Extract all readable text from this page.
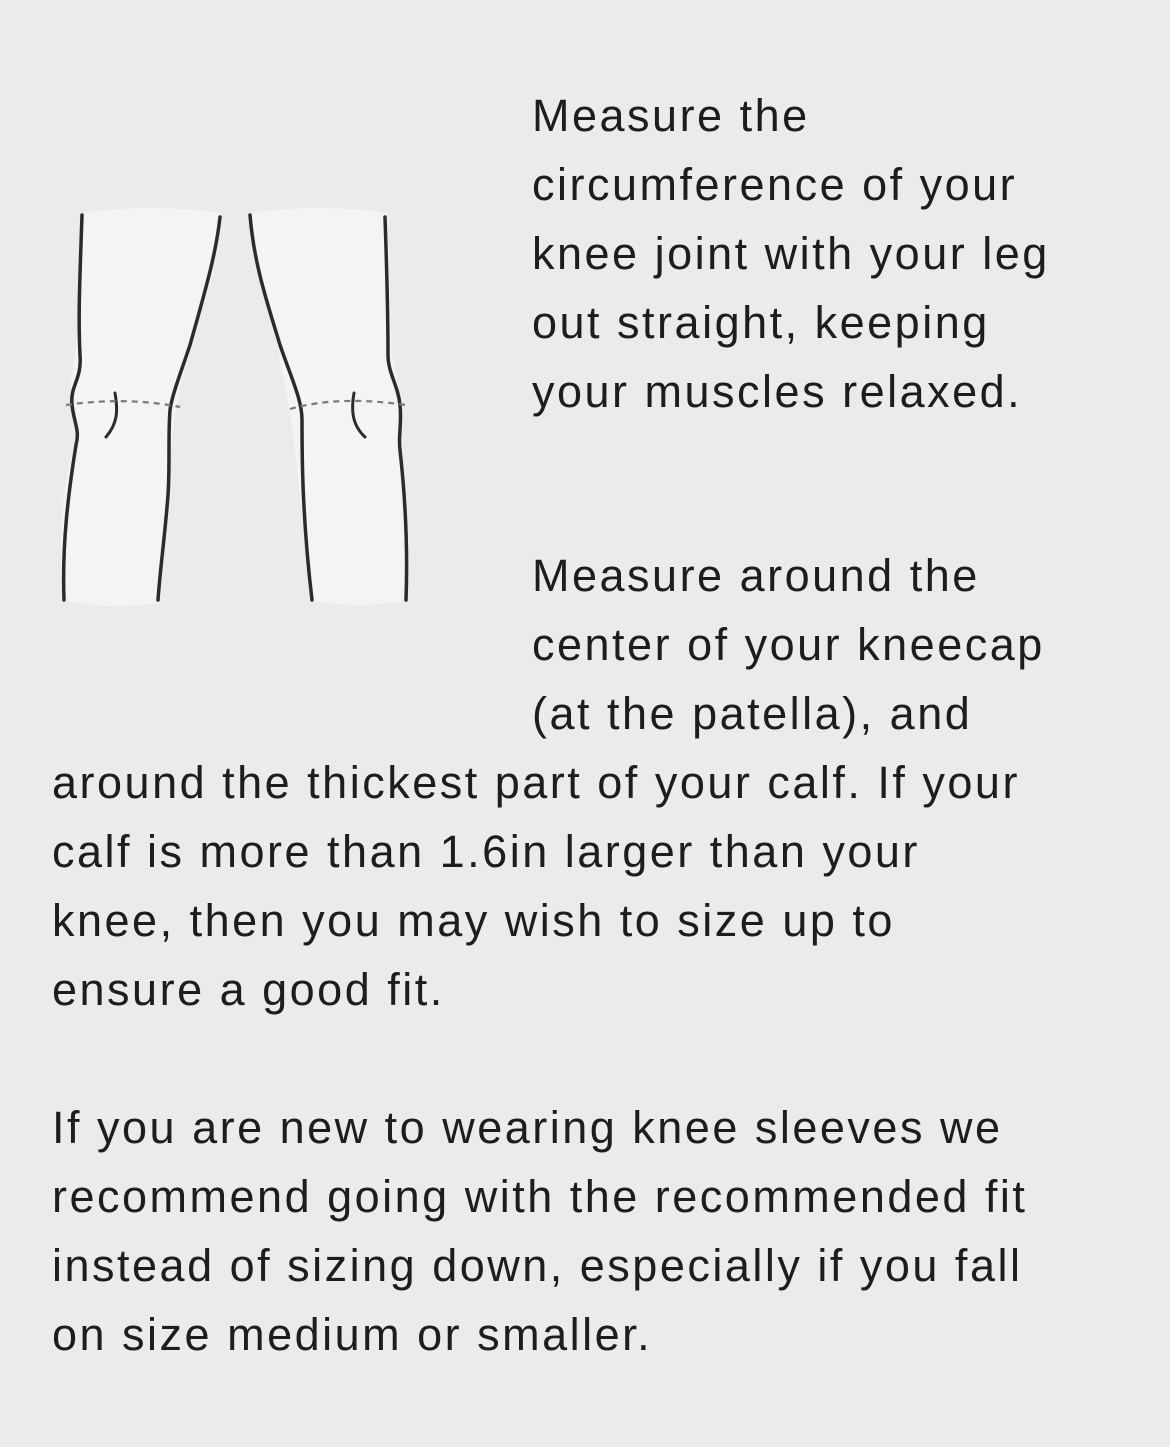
Measure the
circumference of your
knee joint with your leg
out straight, keeping
your muscles relaxed.
Measure around the
center of your kneecap
(at the patella), and
around the thickest part of your calf. If your
calf is more than 1.6in larger than your
knee, then you may wish to size up to
ensure a good fit.
If you are new to wearing knee sleeves we
recommend going with the recommended fit
instead of sizing down, especially if you fall
on size medium or smaller.
